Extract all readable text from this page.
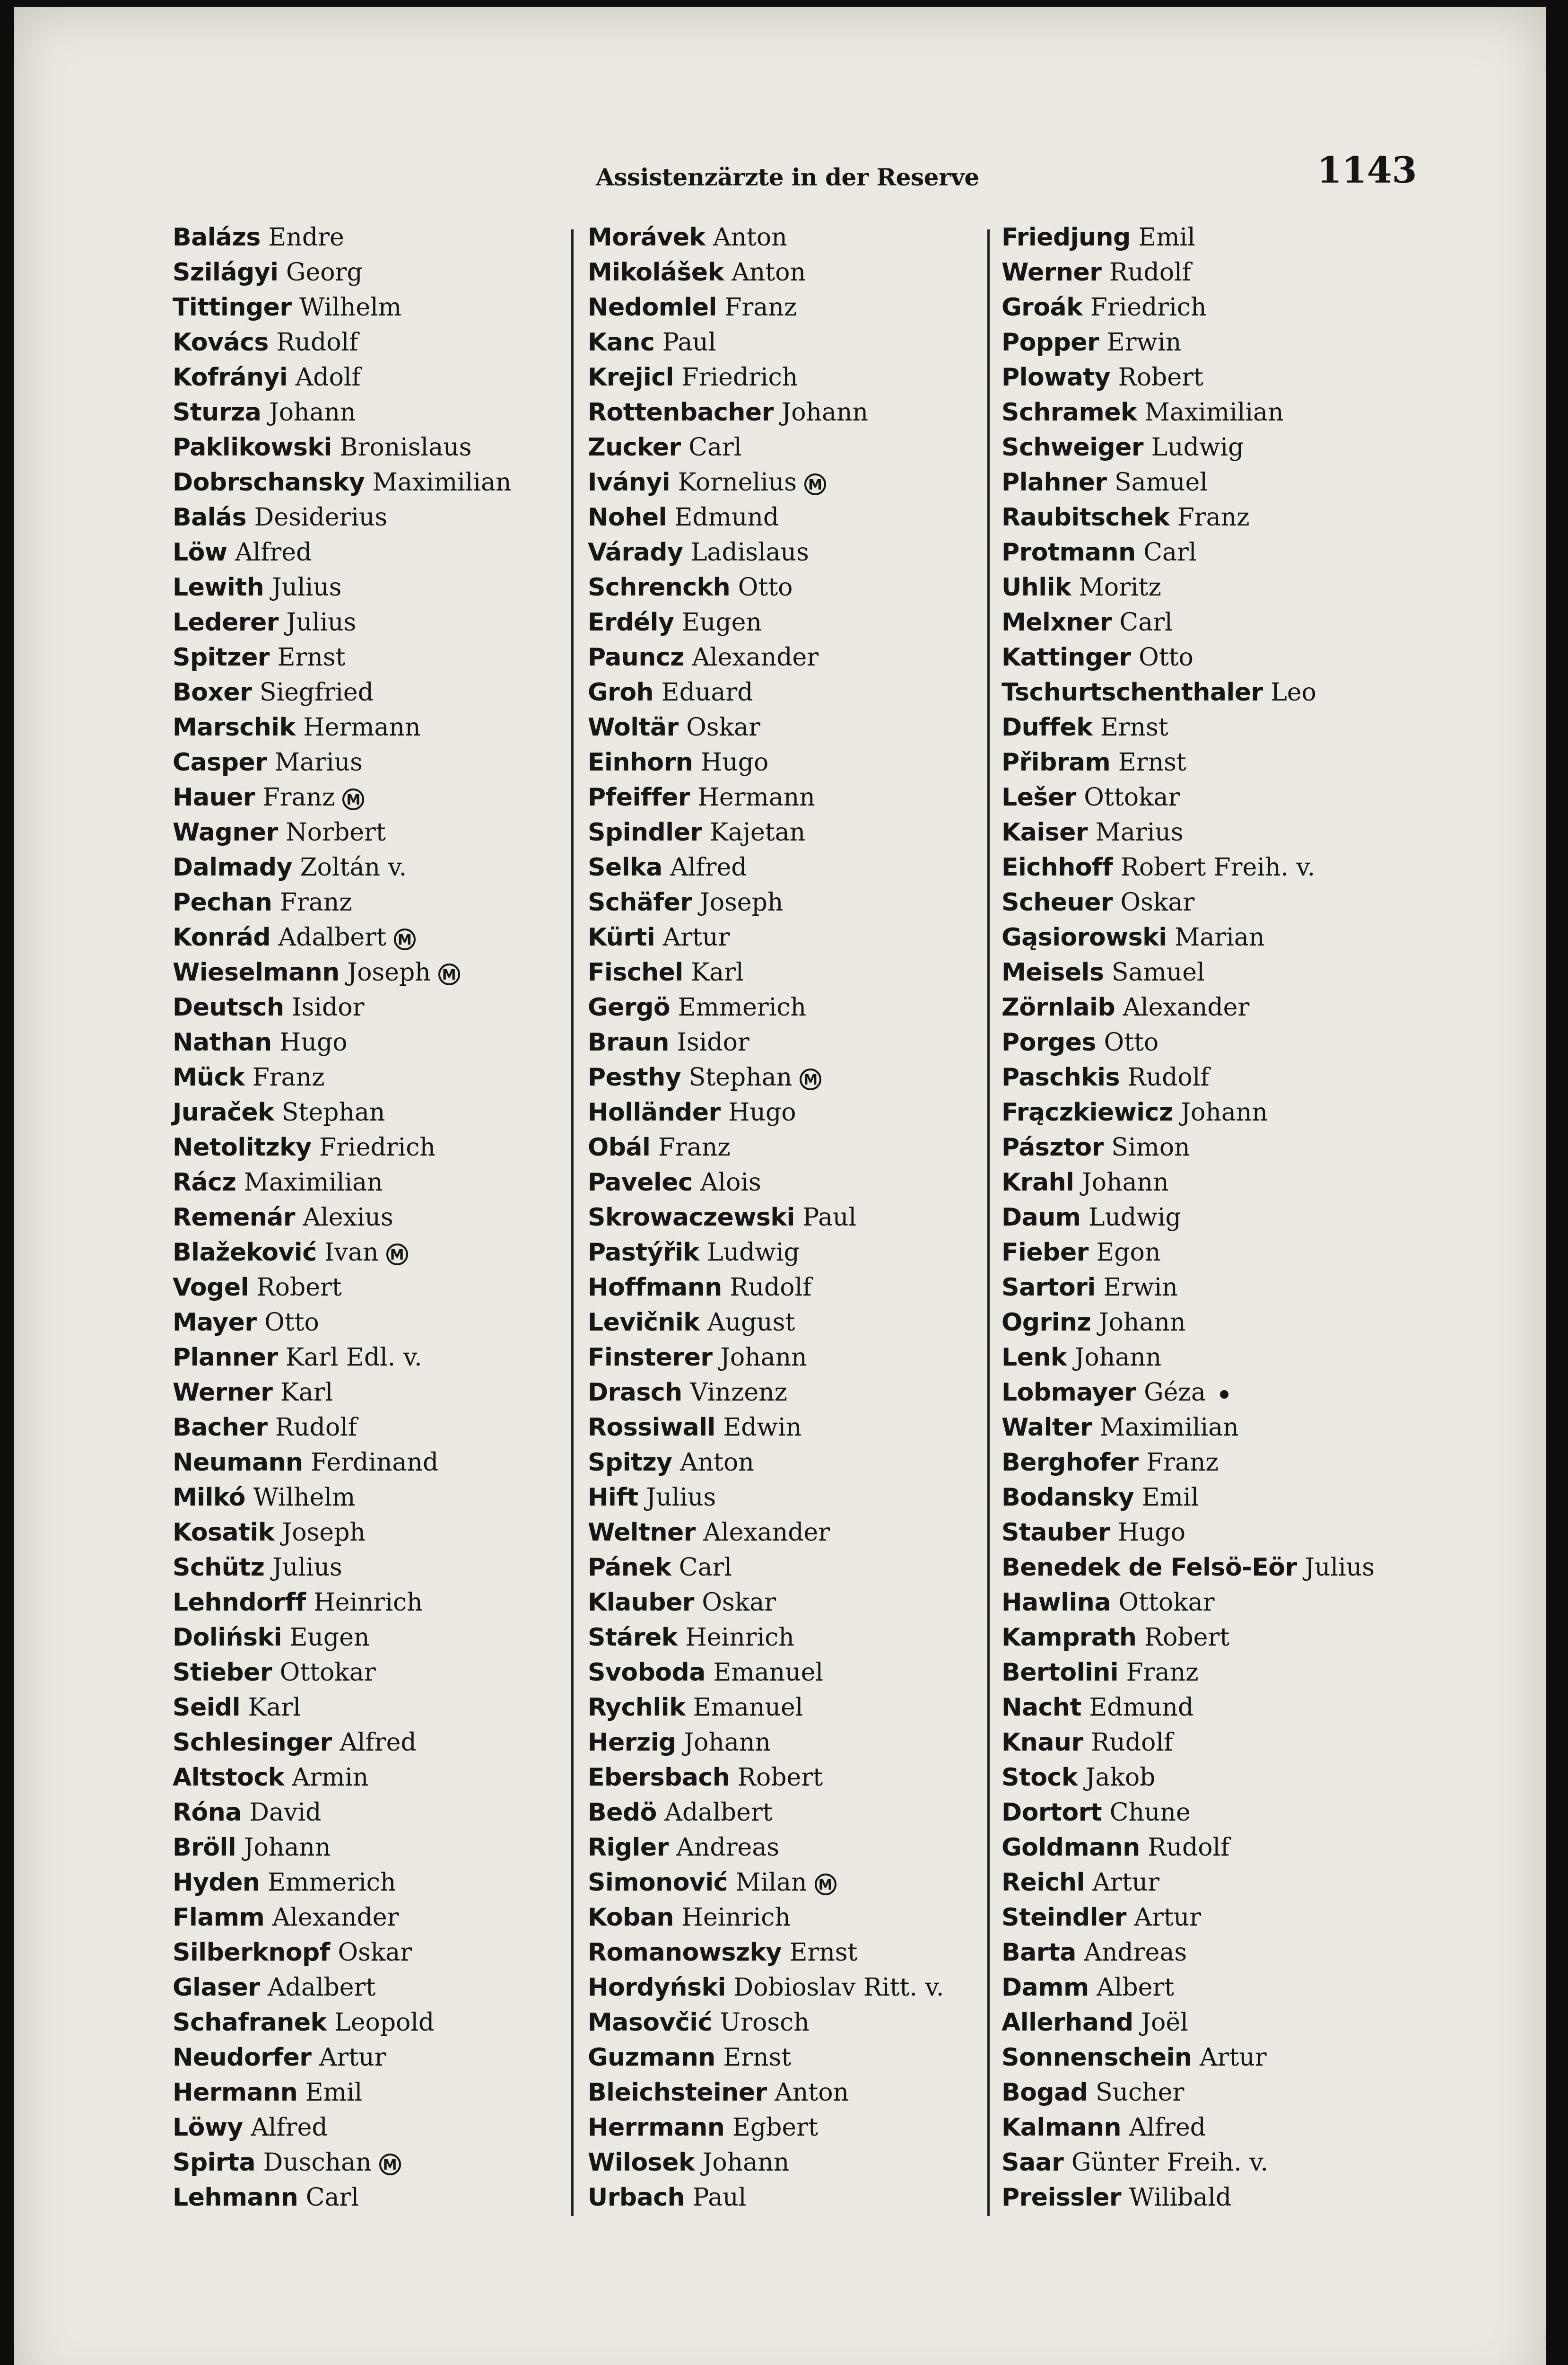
Assistenzärzte in der Reserve	1143
Balázs Endre
Szilágyi Georg
Tittinger Wilhelm
Kovács Rudolf
Kofrányi Adolf
Sturza Johann
Paklikowski Bronislaus
Dobrschansky Maximilian
Balás Desiderius
Löw Alfred
Lewith Julius
Lederer Julius
Spitzer Ernst
Boxer Siegfried
Marschik Hermann
Casper Marius
Hauer Franz M
Wagner Norbert
Dalmady Zoltán v.
Pechan Franz
Konrád Adalbert M
Wieselmann Joseph M
Deutsch Isidor
Nathan Hugo
Mück Franz
Juraček Stephan
Netolitzky Friedrich
Rácz Maximilian
Remenár Alexius
Blažeković Ivan M
Vogel Robert
Mayer Otto
Planner Karl Edl. v.
Werner Karl
Bacher Rudolf
Neumann Ferdinand
Milkó Wilhelm
Kosatik Joseph
Schütz Julius
Lehndorff Heinrich
Doliński Eugen
Stieber Ottokar
Seidl Karl
Schlesinger Alfred
Altstock Armin
Róna David
Bröll Johann
Hyden Emmerich
Flamm Alexander
Silberknopf Oskar
Glaser Adalbert
Schafranek Leopold
Neudorfer Artur
Hermann Emil
Löwy Alfred
Spirta Duschan M
Lehmann Carl
Morávek Anton
Mikolášek Anton
Nedomlel Franz
Kanc Paul
Krejicl Friedrich
Rottenbacher Johann
Zucker Carl
Iványi Kornelius M
Nohel Edmund
Várady Ladislaus
Schrenckh Otto
Erdély Eugen
Pauncz Alexander
Groh Eduard
Woltär Oskar
Einhorn Hugo
Pfeiffer Hermann
Spindler Kajetan
Selka Alfred
Schäfer Joseph
Kürti Artur
Fischel Karl
Gergö Emmerich
Braun Isidor
Pesthy Stephan M
Holländer Hugo
Obál Franz
Pavelec Alois
Skrowaczewski Paul
Pastýřik Ludwig
Hoffmann Rudolf
Levičnik August
Finsterer Johann
Drasch Vinzenz
Rossiwall Edwin
Spitzy Anton
Hift Julius
Weltner Alexander
Pánek Carl
Klauber Oskar
Stárek Heinrich
Svoboda Emanuel
Rychlik Emanuel
Herzig Johann
Ebersbach Robert
Bedö Adalbert
Rigler Andreas
Simonović Milan M
Koban Heinrich
Romanowszky Ernst
Hordyński Dobioslav Ritt. v.
Masovčić Urosch
Guzmann Ernst
Bleichsteiner Anton
Herrmann Egbert
Wilosek Johann
Urbach Paul
Friedjung Emil
Werner Rudolf
Groák Friedrich
Popper Erwin
Plowaty Robert
Schramek Maximilian
Schweiger Ludwig
Plahner Samuel
Raubitschek Franz
Protmann Carl
Uhlik Moritz
Melxner Carl
Kattinger Otto
Tschurtschenthaler Leo
Duffek Ernst
Přibram Ernst
Lešer Ottokar
Kaiser Marius
Eichhoff Robert Freih. v.
Scheuer Oskar
Gąsiorowski Marian
Meisels Samuel
Zörnlaib Alexander
Porges Otto
Paschkis Rudolf
Frączkiewicz Johann
Pásztor Simon
Krahl Johann
Daum Ludwig
Fieber Egon
Sartori Erwin
Ogrinz Johann
Lenk Johann
Lobmayer Géza
Walter Maximilian
Berghofer Franz
Bodansky Emil
Stauber Hugo
Benedek de Felsö-Eör Julius
Hawlina Ottokar
Kamprath Robert
Bertolini Franz
Nacht Edmund
Knaur Rudolf
Stock Jakob
Dortort Chune
Goldmann Rudolf
Reichl Artur
Steindler Artur
Barta Andreas
Damm Albert
Allerhand Joël
Sonnenschein Artur
Bogad Sucher
Kalmann Alfred
Saar Günter Freih. v.
Preissler Wilibald
